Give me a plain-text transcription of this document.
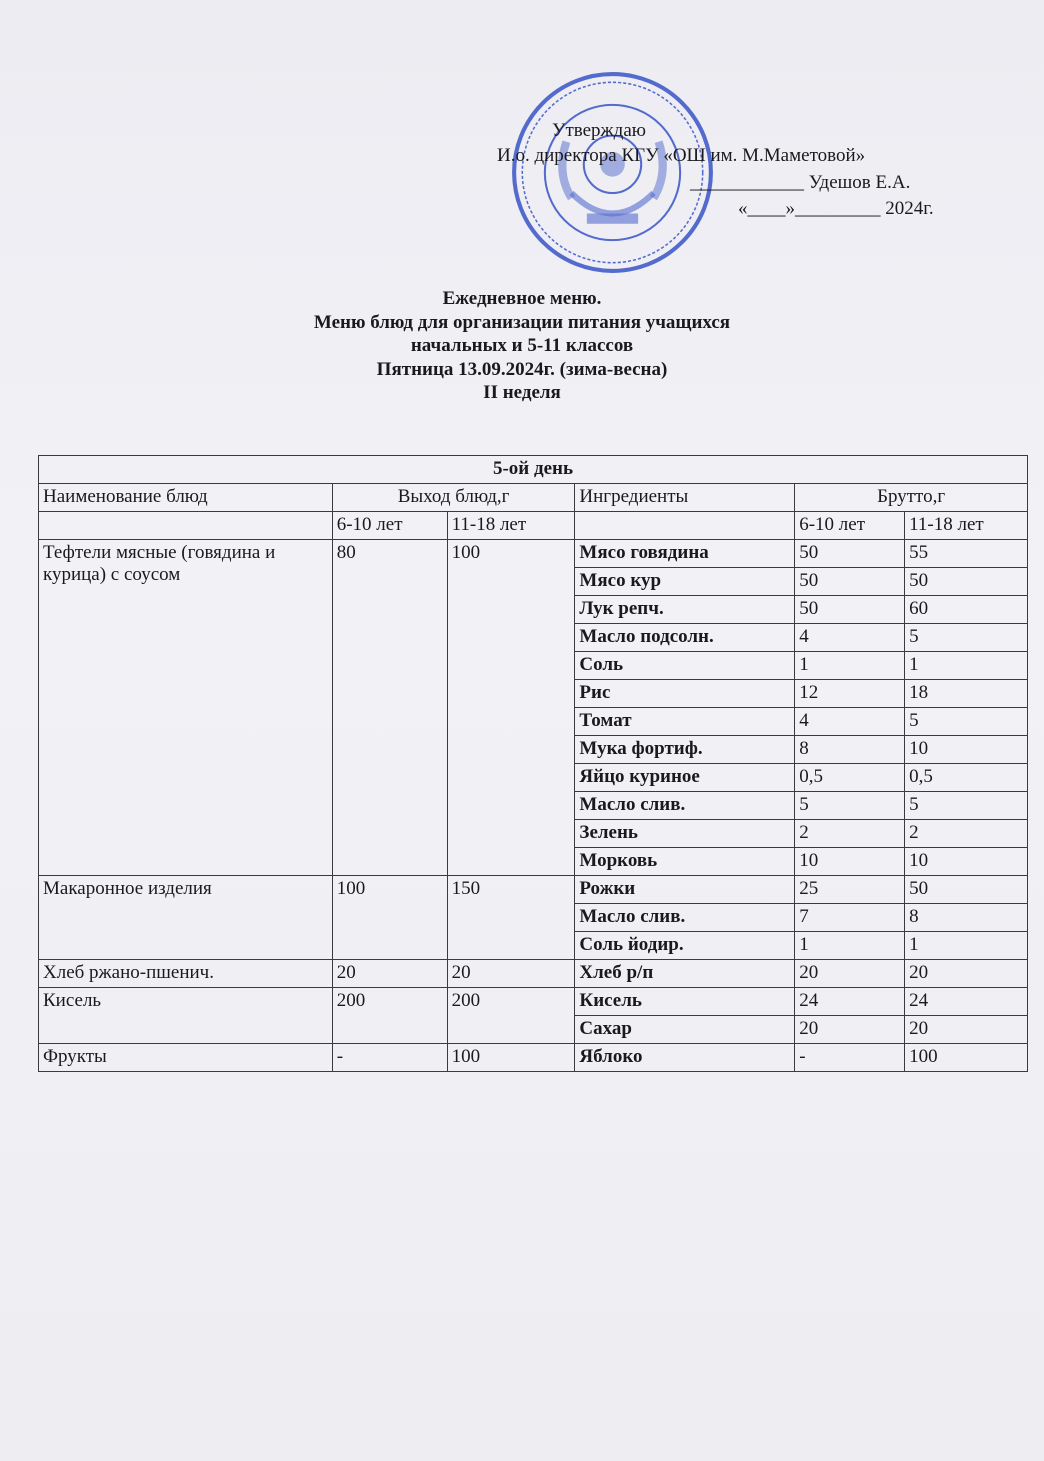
Утверждаю
И.о. директора КГУ «ОШ им. М.Маметовой»
____________ Удешов Е.А.
«____»_________ 2024г.
Ежедневное меню.
Меню блюд для организации питания учащихся
начальных и 5-11 классов
Пятница 13.09.2024г. (зима-весна)
II неделя
5-ой день					
Наименование блюд	Выход блюд,г		Ингредиенты	Брутто,г	
	6-10 лет	11-18 лет		6-10 лет	11-18 лет
Тефтели мясные (говядина и курица) с соусом	80	100	Мясо говядина	50	55
			Мясо кур	50	50
			Лук репч.	50	60
			Масло подсолн.	4	5
			Соль	1	1
			Рис	12	18
			Томат	4	5
			Мука фортиф.	8	10
			Яйцо куриное	0,5	0,5
			Масло слив.	5	5
			Зелень	2	2
			Морковь	10	10
Макаронное изделия	100	150	Рожки	25	50
			Масло слив.	7	8
			Соль йодир.	1	1
Хлеб ржано-пшенич.	20	20	Хлеб р/п	20	20
Кисель	200	200	Кисель	24	24
			Сахар	20	20
Фрукты	-	100	Яблоко	-	100
